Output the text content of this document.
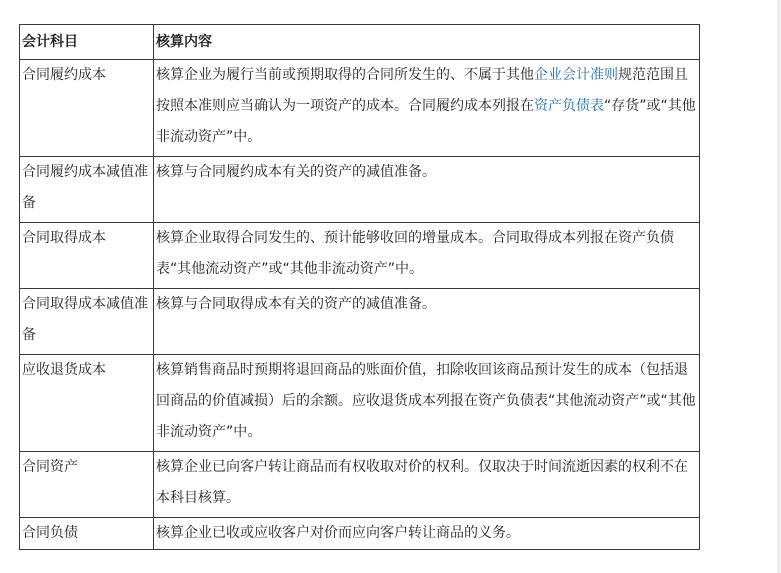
会计科目	核算内容
合同履约成本	核算企业为履行当前或预期取得的合同所发生的、不属于其他企业会计准则规范范围且按照本准则应当确认为一项资产的成本。合同履约成本列报在资产负债表“存货”或“其他非流动资产”中。
合同履约成本减值准备	核算与合同履约成本有关的资产的减值准备。
合同取得成本	核算企业取得合同发生的、预计能够收回的增量成本。合同取得成本列报在资产负债表“其他流动资产”或“其他非流动资产”中。
合同取得成本减值准备	核算与合同取得成本有关的资产的减值准备。
应收退货成本	核算销售商品时预期将退回商品的账面价值，扣除收回该商品预计发生的成本（包括退回商品的价值减损）后的余额。应收退货成本列报在资产负债表“其他流动资产”或“其他非流动资产”中。
合同资产	核算企业已向客户转让商品而有权收取对价的权利。仅取决于时间流逝因素的权利不在本科目核算。
合同负债	核算企业已收或应收客户对价而应向客户转让商品的义务。
